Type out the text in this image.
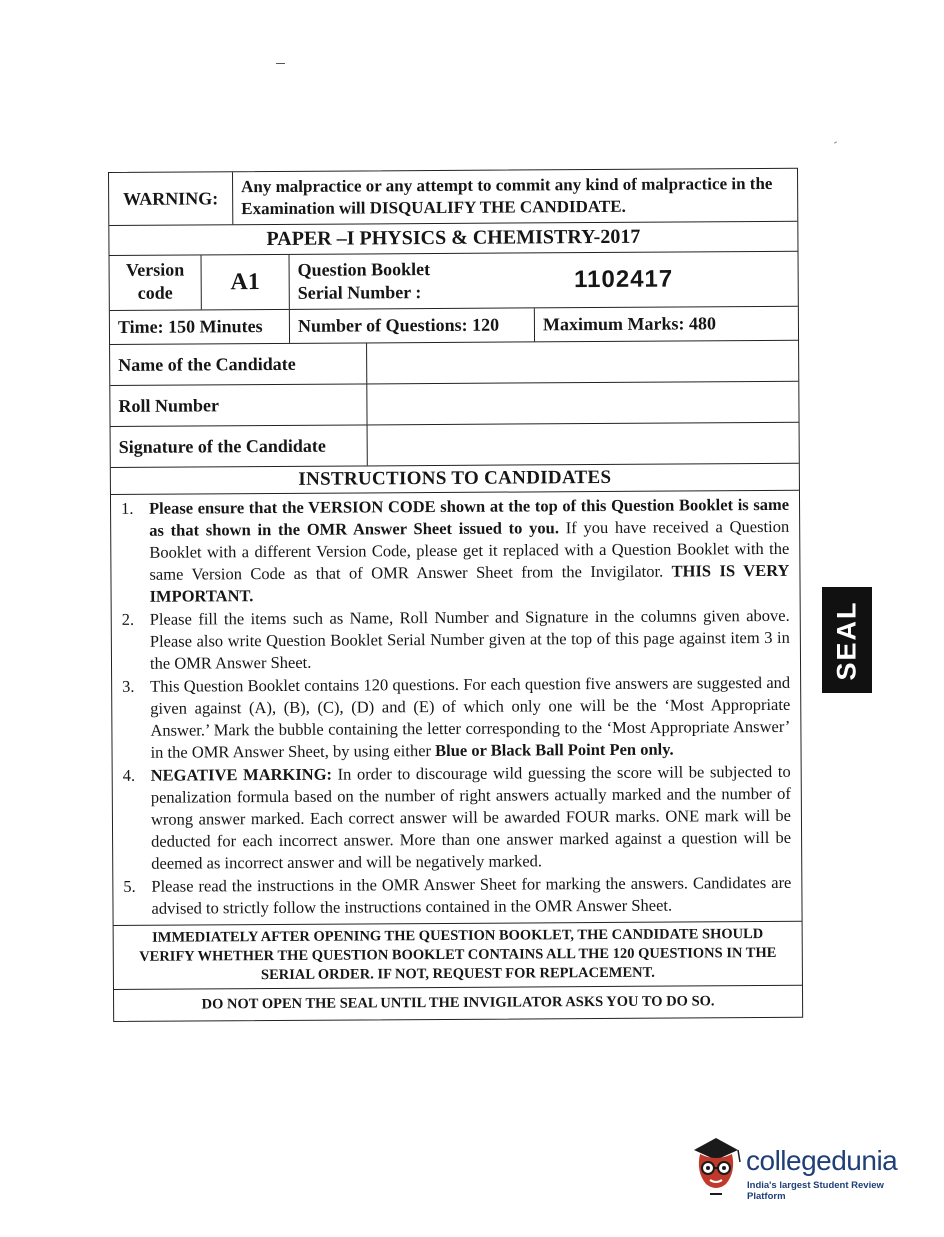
WARNING:
Any malpractice or any attempt to commit any kind of malpractice in the Examination will DISQUALIFY THE CANDIDATE.
PAPER –I PHYSICS & CHEMISTRY-2017
Version code	A1	Question Booklet Serial Number :	1102417
Time: 150 Minutes	Number of Questions: 120	Maximum Marks: 480
Name of the Candidate
Roll Number
Signature of the Candidate
INSTRUCTIONS TO CANDIDATES
1. Please ensure that the VERSION CODE shown at the top of this Question Booklet is same as that shown in the OMR Answer Sheet issued to you. If you have received a Question Booklet with a different Version Code, please get it replaced with a Question Booklet with the same Version Code as that of OMR Answer Sheet from the Invigilator. THIS IS VERY IMPORTANT.
2. Please fill the items such as Name, Roll Number and Signature in the columns given above. Please also write Question Booklet Serial Number given at the top of this page against item 3 in the OMR Answer Sheet.
3. This Question Booklet contains 120 questions. For each question five answers are suggested and given against (A), (B), (C), (D) and (E) of which only one will be the ‘Most Appropriate Answer.’ Mark the bubble containing the letter corresponding to the ‘Most Appropriate Answer’ in the OMR Answer Sheet, by using either Blue or Black Ball Point Pen only.
4. NEGATIVE MARKING: In order to discourage wild guessing the score will be subjected to penalization formula based on the number of right answers actually marked and the number of wrong answer marked. Each correct answer will be awarded FOUR marks. ONE mark will be deducted for each incorrect answer. More than one answer marked against a question will be deemed as incorrect answer and will be negatively marked.
5. Please read the instructions in the OMR Answer Sheet for marking the answers. Candidates are advised to strictly follow the instructions contained in the OMR Answer Sheet.
IMMEDIATELY AFTER OPENING THE QUESTION BOOKLET, THE CANDIDATE SHOULD VERIFY WHETHER THE QUESTION BOOKLET CONTAINS ALL THE 120 QUESTIONS IN THE SERIAL ORDER. IF NOT, REQUEST FOR REPLACEMENT.
DO NOT OPEN THE SEAL UNTIL THE INVIGILATOR ASKS YOU TO DO SO.
SEAL
collegedunia
India's largest Student Review Platform
